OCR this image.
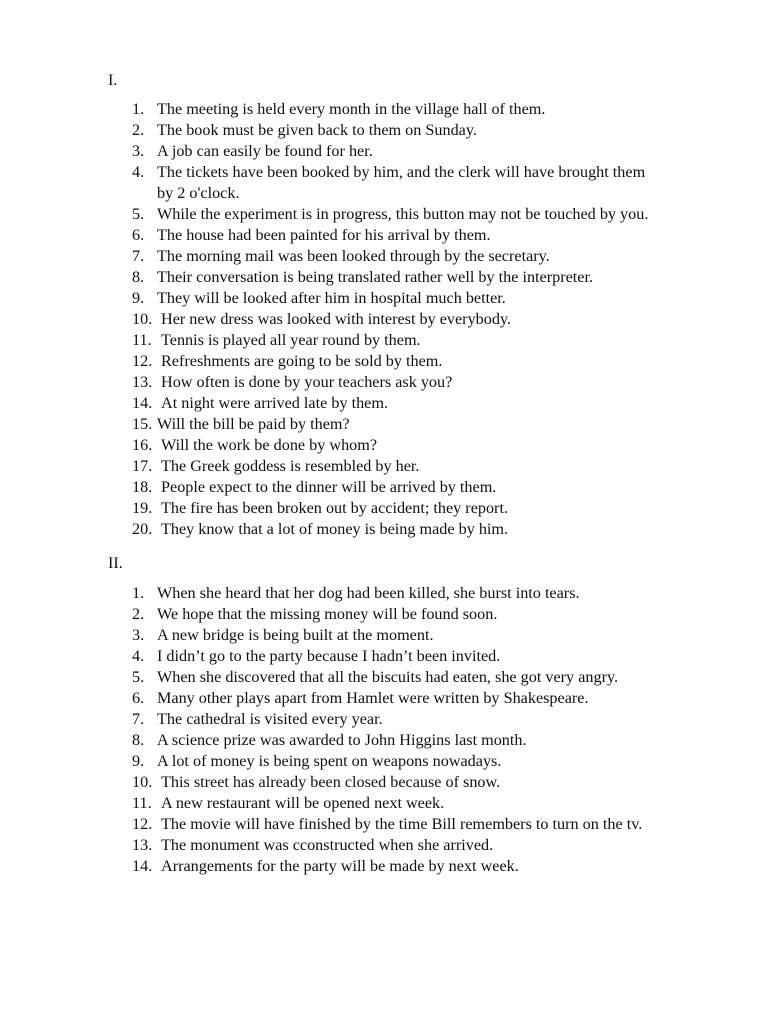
I.
1. The meeting is held every month in the village hall of them.
2. The book must be given back to them on Sunday.
3. A job can easily be found for her.
4. The tickets have been booked by him, and the clerk will have brought them
by 2 o'clock.
5. While the experiment is in progress, this button may not be touched by you.
6. The house had been painted for his arrival by them.
7. The morning mail was been looked through by the secretary.
8. Their conversation is being translated rather well by the interpreter.
9. They will be looked after him in hospital much better.
10. Her new dress was looked with interest by everybody.
11. Tennis is played all year round by them.
12. Refreshments are going to be sold by them.
13. How often is done by your teachers ask you?
14. At night were arrived late by them.
15. Will the bill be paid by them?
16. Will the work be done by whom?
17. The Greek goddess is resembled by her.
18. People expect to the dinner will be arrived by them.
19. The fire has been broken out by accident; they report.
20. They know that a lot of money is being made by him.
II.
1. When she heard that her dog had been killed, she burst into tears.
2. We hope that the missing money will be found soon.
3. A new bridge is being built at the moment.
4. I didn’t go to the party because I hadn’t been invited.
5. When she discovered that all the biscuits had eaten, she got very angry.
6. Many other plays apart from Hamlet were written by Shakespeare.
7. The cathedral is visited every year.
8. A science prize was awarded to John Higgins last month.
9. A lot of money is being spent on weapons nowadays.
10. This street has already been closed because of snow.
11. A new restaurant will be opened next week.
12. The movie will have finished by the time Bill remembers to turn on the tv.
13. The monument was cconstructed when she arrived.
14. Arrangements for the party will be made by next week.
